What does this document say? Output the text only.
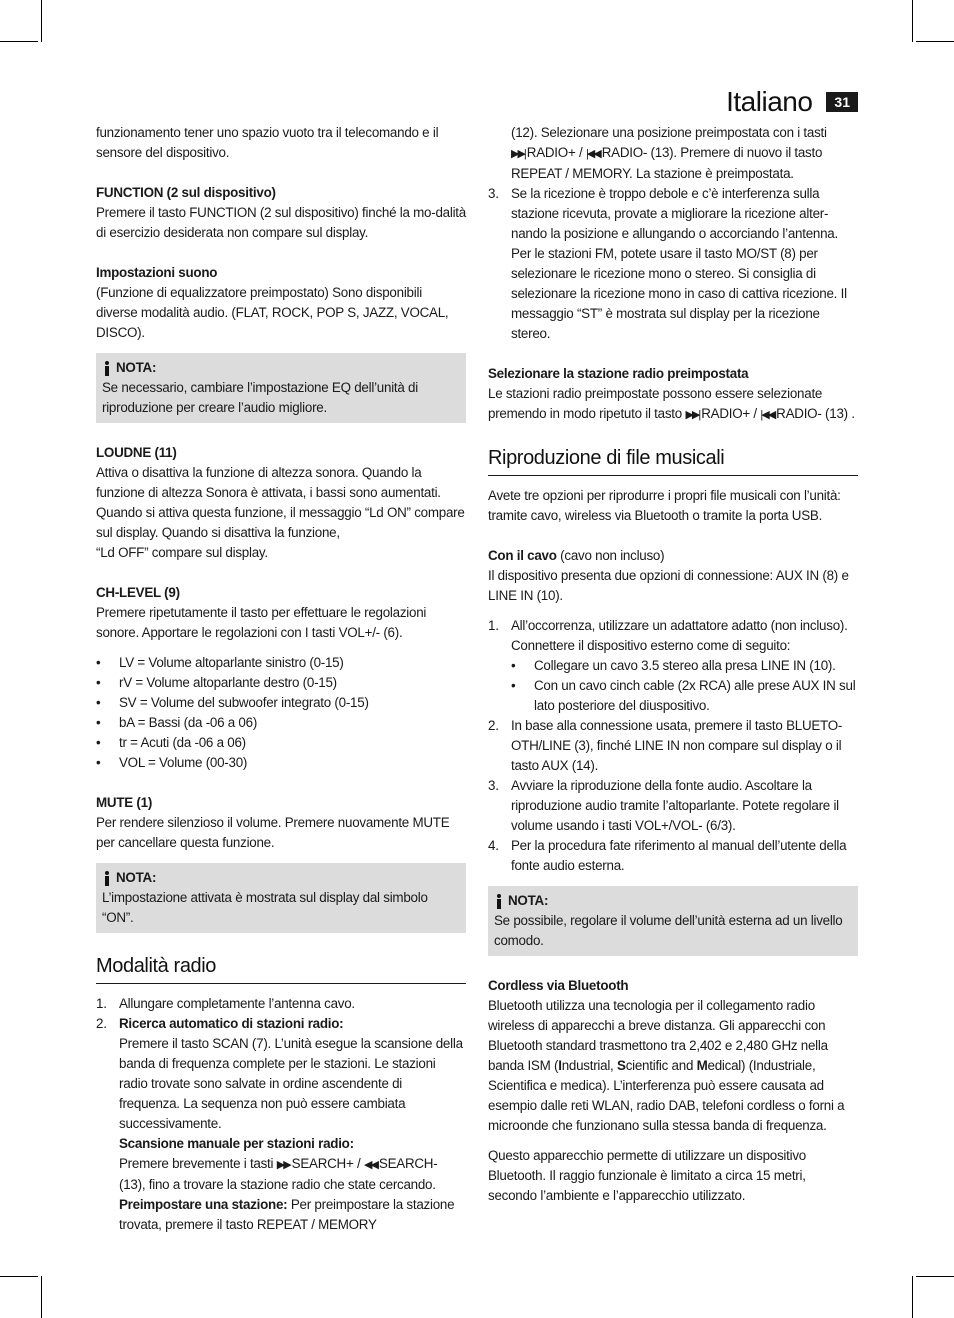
Italiano	31

funzionamento tener uno spazio vuoto tra il telecomando e il sensore del dispositivo.

FUNCTION (2 sul dispositivo)

Premere il tasto FUNCTION (2 sul dispositivo) finché la mo-dalità di esercizio desiderata non compare sul display.

Impostazioni suono

(Funzione di equalizzatore preimpostato) Sono disponibili diverse modalità audio. (FLAT, ROCK, POP S, JAZZ, VOCAL, DISCO).

NOTA:

Se necessario, cambiare l’impostazione EQ dell’unità di riproduzione per creare l’audio migliore.

LOUDNE (11)

Attiva o disattiva la funzione di altezza sonora. Quando la funzione di altezza Sonora è attivata, i bassi sono aumentati. Quando si attiva questa funzione, il messaggio “Ld ON” compare sul display. Quando si disattiva la funzione,

“Ld OFF” compare sul display.

CH-LEVEL (9)

Premere ripetutamente il tasto per effettuare le regolazioni sonore. Apportare le regolazioni con I tasti VOL+/- (6).

• LV = Volume altoparlante sinistro (0-15)
• rV = Volume altoparlante destro (0-15)
• SV = Volume del subwoofer integrato (0-15)
• bA = Bassi (da -06 a 06)
• tr = Acuti (da -06 a 06)
• VOL = Volume (00-30)

MUTE (1)

Per rendere silenzioso il volume. Premere nuovamente MUTE per cancellare questa funzione.

NOTA:

L’impostazione attivata è mostrata sul display dal simbolo “ON”.

Modalità radio
1. Allungare completamente l’antenna cavo.
2. Ricerca automatico di stazioni radio:

Premere il tasto SCAN (7). L’unità esegue la scansione della banda di frequenza complete per le stazioni. Le stazioni radio trovate sono salvate in ordine ascendente di frequenza. La sequenza non può essere cambiata successivamente.

Scansione manuale per stazioni radio:

Premere brevemente i tasti ▶▶ SEARCH+ / ◀◀ SEARCH- (13), fino a trovare la stazione radio che state cercando.

Preimpostare una stazione: Per preimpostare la stazione trovata, premere il tasto REPEAT / MEMORY

(12). Selezionare una posizione preimpostata con i tasti ▶▶| RADIO+ / |◀◀ RADIO- (13). Premere di nuovo il tasto REPEAT / MEMORY. La stazione è preimpostata.

3. Se la ricezione è troppo debole e c’è interferenza sulla stazione ricevuta, provate a migliorare la ricezione alter-nando la posizione e allungando o accorciando l’antenna. Per le stazioni FM, potete usare il tasto MO/ST (8) per selezionare le ricezione mono o stereo. Si consiglia di selezionare la ricezione mono in caso di cattiva ricezione. Il messaggio “ST” è mostrata sul display per la ricezione stereo.

Selezionare la stazione radio preimpostata

Le stazioni radio preimpostate possono essere selezionate premendo in modo ripetuto il tasto ▶▶| RADIO+ / |◀◀ RADIO- (13) .

Riproduzione di file musicali

Avete tre opzioni per riprodurre i propri file musicali con l’unità: tramite cavo, wireless via Bluetooth o tramite la porta USB.

Con il cavo (cavo non incluso)

Il dispositivo presenta due opzioni di connessione: AUX IN (8) e LINE IN (10).

1. All’occorrenza, utilizzare un adattatore adatto (non incluso). Connettere il dispositivo esterno come di seguito:
• Collegare un cavo 3.5 stereo alla presa LINE IN (10).
• Con un cavo cinch cable (2x RCA) alle prese AUX IN sul lato posteriore del diuspositivo.
2. In base alla connessione usata, premere il tasto BLUETO-OTH/LINE (3), finché LINE IN non compare sul display o il tasto AUX (14).
3. Avviare la riproduzione della fonte audio. Ascoltare la riproduzione audio tramite l’altoparlante. Potete regolare il volume usando i tasti VOL+/VOL- (6/3).
4. Per la procedura fate riferimento al manual dell’utente della fonte audio esterna.
NOTA:

Se possibile, regolare il volume dell’unità esterna ad un livello comodo.

Cordless via Bluetooth

Bluetooth utilizza una tecnologia per il collegamento radio wireless di apparecchi a breve distanza. Gli apparecchi con Bluetooth standard trasmettono tra 2,402 e 2,480 GHz nella banda ISM (Industrial, Scientific and Medical) (Industriale, Scientifica e medica). L’interferenza può essere causata ad esempio dalle reti WLAN, radio DAB, telefoni cordless o forni a microonde che funzionano sulla stessa banda di frequenza.

Questo apparecchio permette di utilizzare un dispositivo Bluetooth. Il raggio funzionale è limitato a circa 15 metri, secondo l’ambiente e l’apparecchio utilizzato.
